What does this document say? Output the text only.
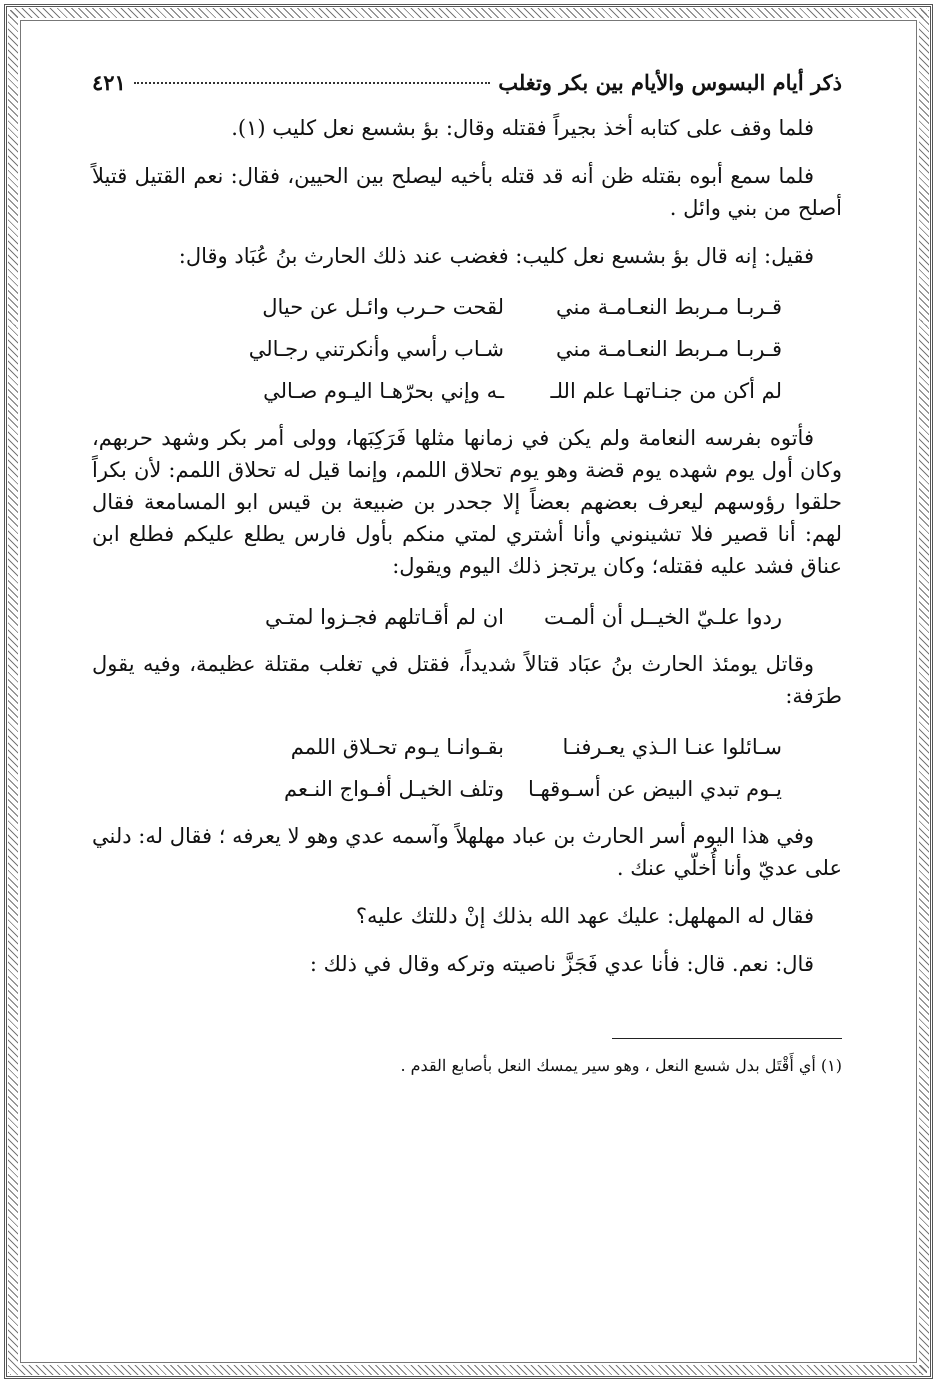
ذكر أيام البسوس والأيام بين بكر وتغلب
٤٢١

فلما وقف على كتابه أخذ بجيراً فقتله وقال: بؤ بشسع نعل كليب (١).

فلما سمع أبوه بقتله ظن أنه قد قتله بأخيه ليصلح بين الحيين، فقال: نعم القتيل قتيلاً أصلح من بني وائل .

فقيل: إنه قال بؤ بشسع نعل كليب: فغضب عند ذلك الحارث بنُ عُبَاد وقال:

قـربـا مـربط النعـامـة مني
لقحت حـرب وائـل عن حيال
قـربـا مـربط النعـامـة مني
شـاب رأسي وأنكرتني رجـالي
لم أكن من جنـاتهـا علم اللـ
ـه وإني بحرّهـا اليـوم صـالي

فأتوه بفرسه النعامة ولم يكن في زمانها مثلها فَرَكِبَها، وولى أمر بكر وشهد حربهم، وكان أول يوم شهده يوم قضة وهو يوم تحلاق اللمم، وإنما قيل له تحلاق اللمم: لأن بكراً حلقوا رؤوسهم ليعرف بعضهم بعضاً إلا جحدر بن ضبيعة بن قيس ابو المسامعة فقال لهم: أنا قصير فلا تشينوني وأنا أشتري لمتي منكم بأول فارس يطلع عليكم فطلع ابن عناق فشد عليه فقتله؛ وكان يرتجز ذلك اليوم ويقول:

ردوا علـيّ الخيــل أن ألمـت
ان لم أقـاتلهم فجـزوا لمتـي

وقاتل يومئذ الحارث بنُ عبَاد قتالاً شديداً، فقتل في تغلب مقتلة عظيمة، وفيه يقول طرَفة:

سـائلوا عنـا الـذي يعـرفنـا
بقـوانـا يـوم تحـلاق اللمم
يـوم تبدي البيض عن أسـوقهـا
وتلف الخيـل أفـواج النـعم

وفي هذا اليوم أسر الحارث بن عباد مهلهلاً وآسمه عدي وهو لا يعرفه ؛ فقال له: دلني على عديّ وأنا أُخلّي عنك .

فقال له المهلهل: عليك عهد الله بذلك إنْ دللتك عليه؟

قال: نعم. قال: فأنا عدي فَجَزَّ ناصيته وتركه وقال في ذلك :

(١) أي أَقْتَل بدل شسع النعل ، وهو سير يمسك النعل بأصابع القدم .
